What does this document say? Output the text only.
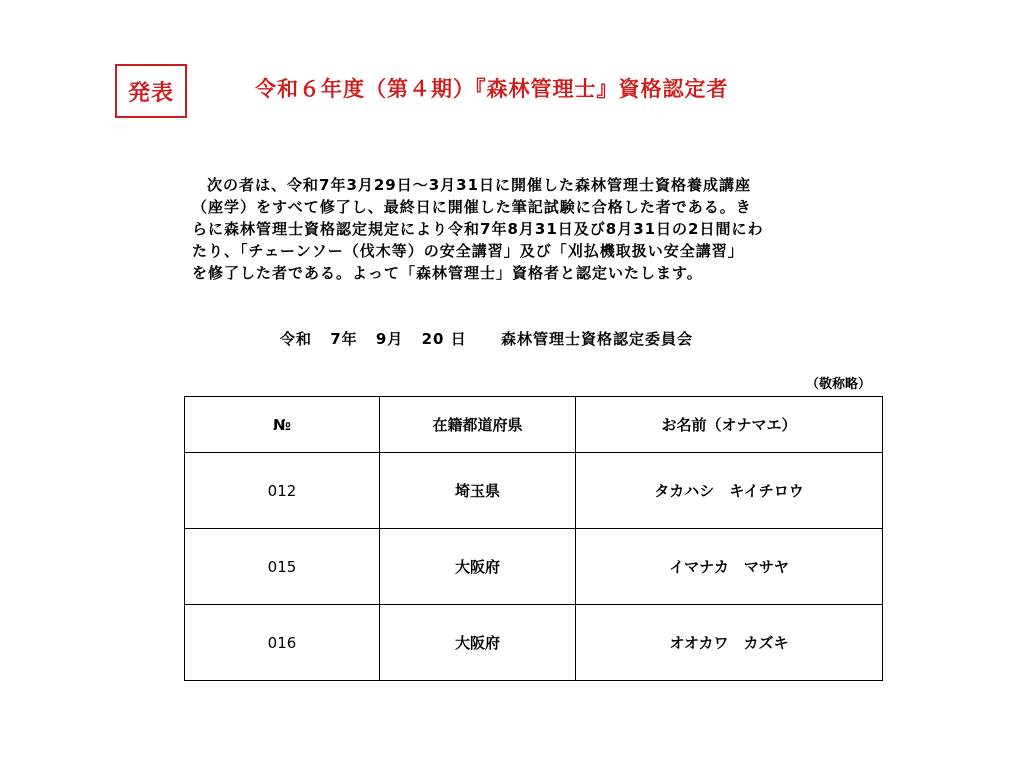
発表	令和６年度（第４期）『森林管理士』資格認定者
次の者は、令和7年3月29日～3月31日に開催した森林管理士資格養成講座
（座学）をすべて修了し、最終日に開催した筆記試験に合格した者である。き
らに森林管理士資格認定規定により令和7年8月31日及び8月31日の2日間にわ
たり、「チェーンソー（伐木等）の安全講習」及び「刈払機取扱い安全講習」
を修了した者である。よって「森林管理士」資格者と認定いたします。
令和 7年 9月 20 日 森林管理士資格認定委員会
（敬称略）
№	在籍都道府県	お名前（オナマエ）
012	埼玉県	タカハシ　キイチロウ
015	大阪府	イマナカ　マサヤ
016	大阪府	オオカワ　カズキ
